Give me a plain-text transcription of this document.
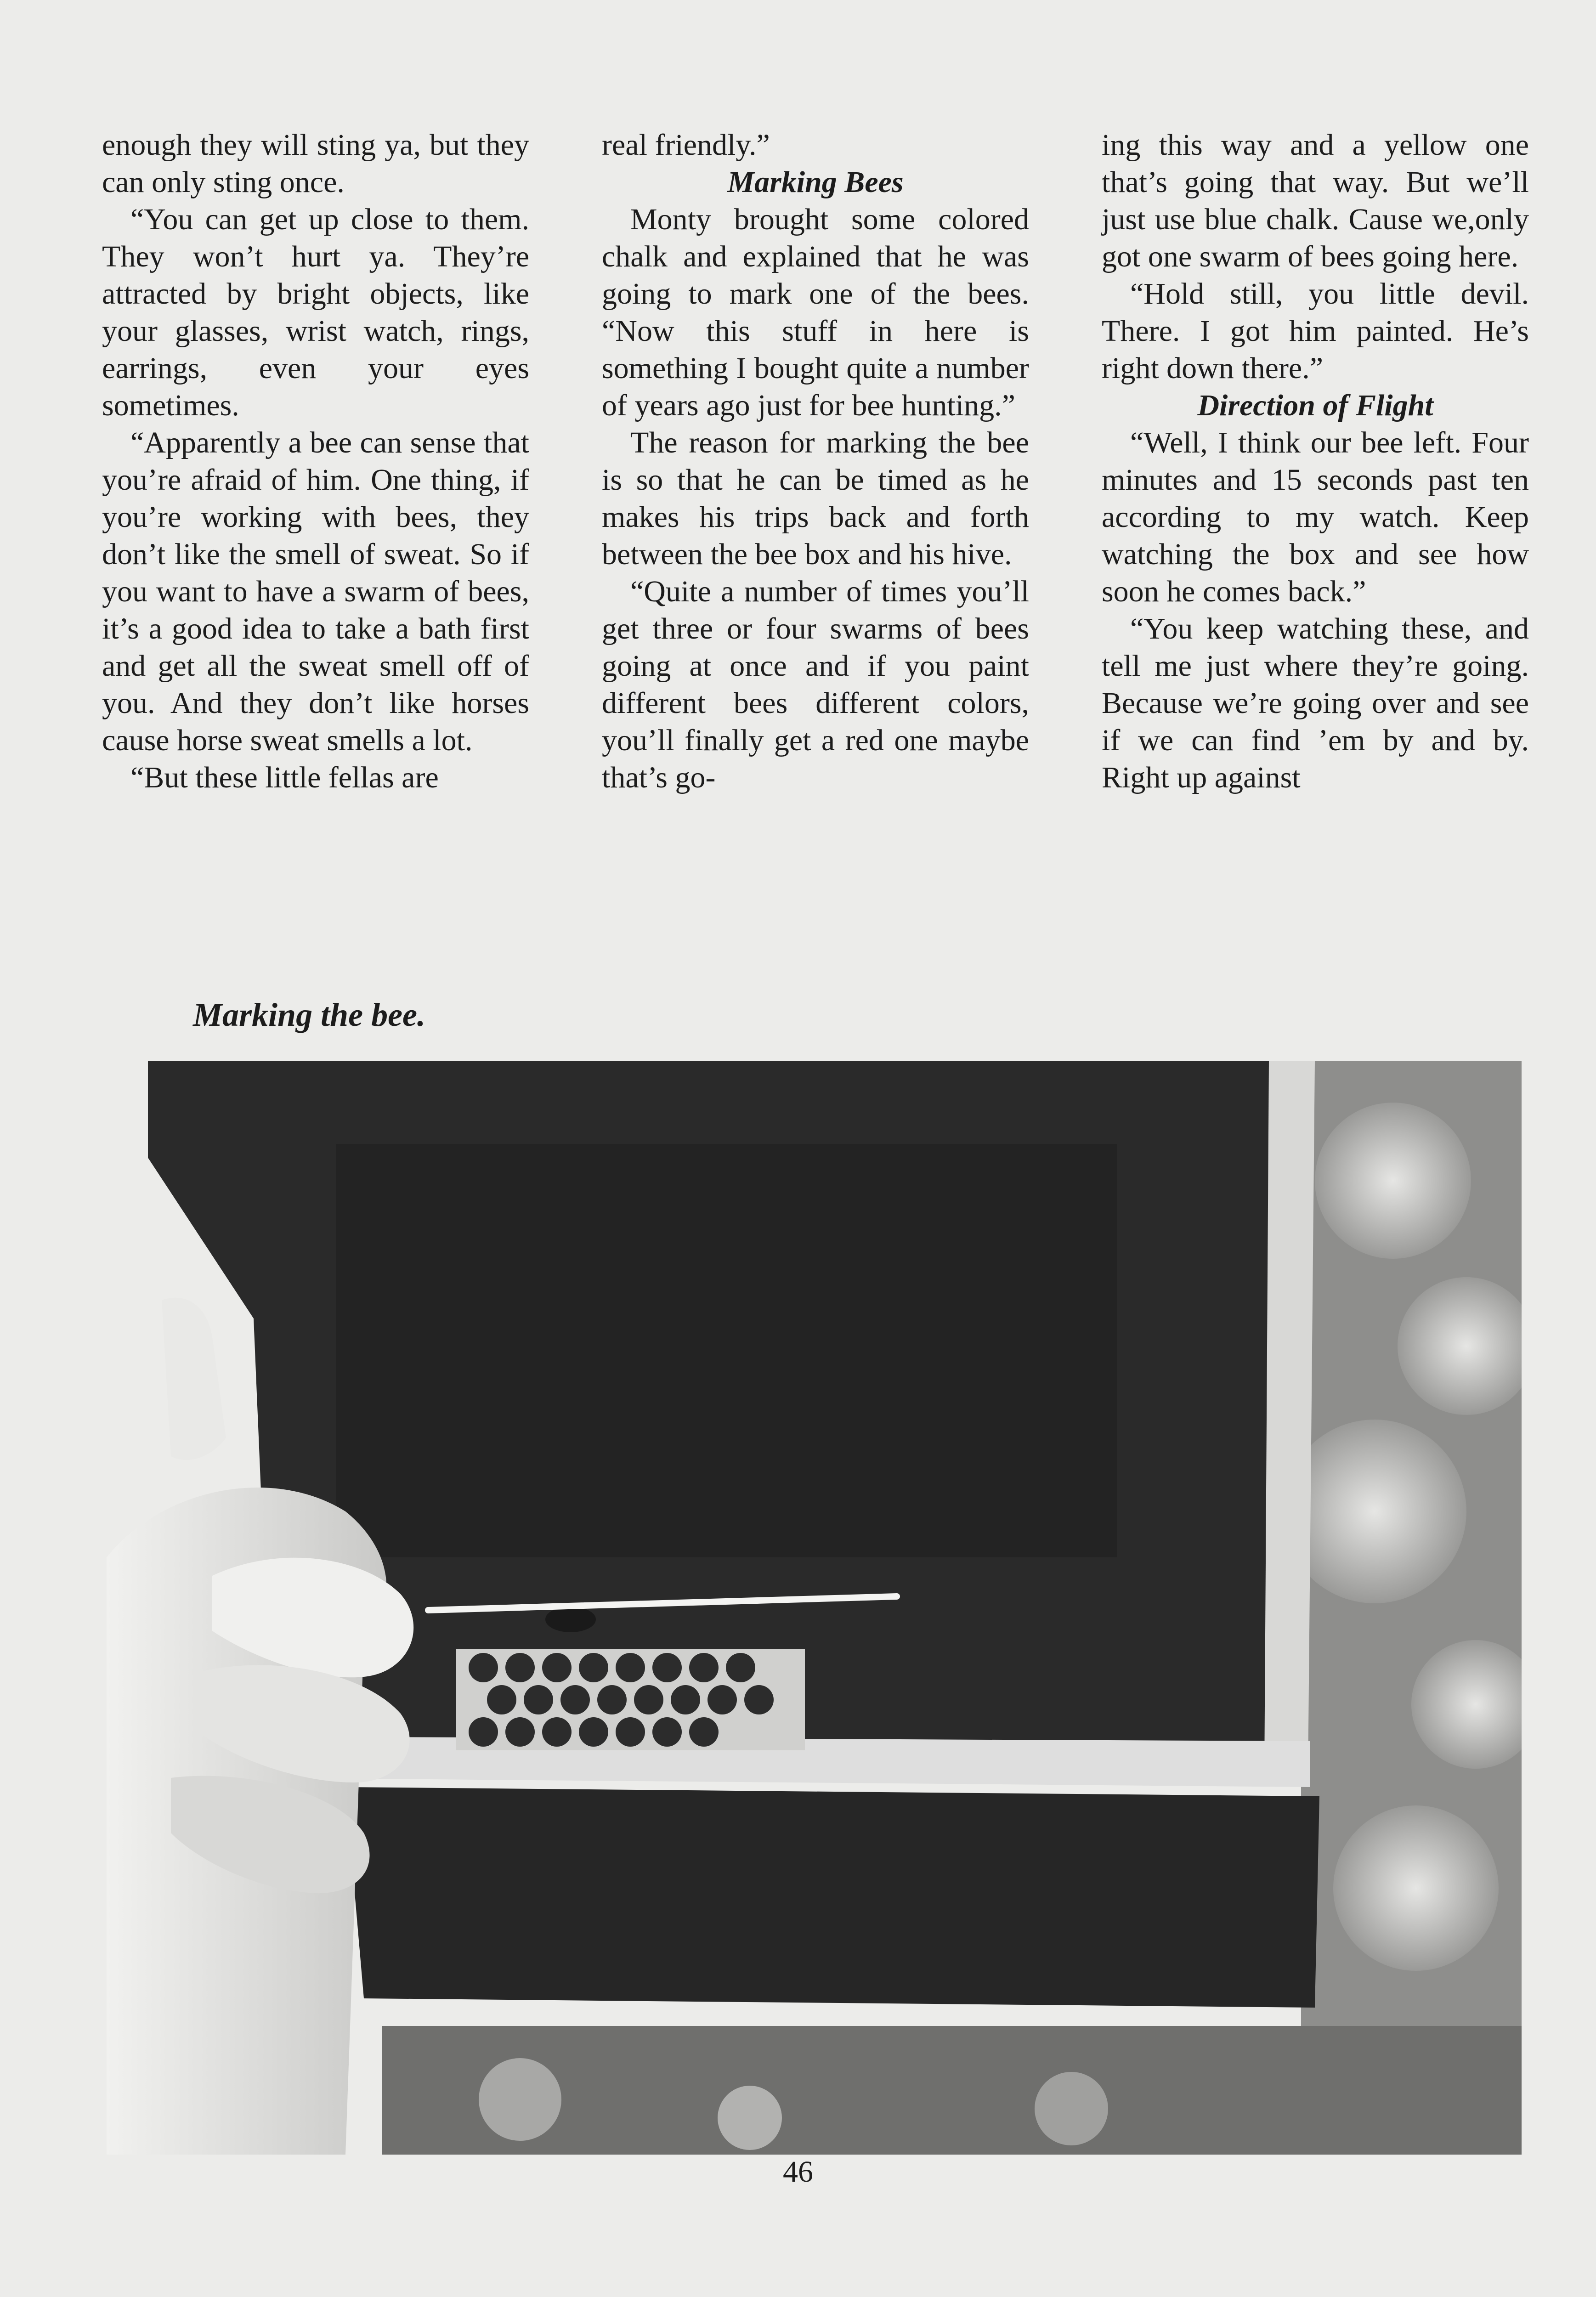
enough they will sting ya, but they can only sting once.

“You can get up close to them. They won’t hurt ya. They’re attracted by bright objects, like your glasses, wrist watch, rings, earrings, even your eyes sometimes.

“Apparently a bee can sense that you’re afraid of him. One thing, if you’re working with bees, they don’t like the smell of sweat. So if you want to have a swarm of bees, it’s a good idea to take a bath first and get all the sweat smell off of you. And they don’t like horses cause horse sweat smells a lot.

“But these little fellas are

real friendly.”

Marking Bees

Monty brought some colored chalk and explained that he was going to mark one of the bees. “Now this stuff in here is something I bought quite a number of years ago just for bee hunting.”

The reason for marking the bee is so that he can be timed as he makes his trips back and forth between the bee box and his hive.

“Quite a number of times you’ll get three or four swarms of bees going at once and if you paint different bees different colors, you’ll finally get a red one maybe that’s go-

ing this way and a yellow one that’s going that way. But we’ll just use blue chalk. Cause we,only got one swarm of bees going here.

“Hold still, you little devil. There. I got him painted. He’s right down there.”

Direction of Flight

“Well, I think our bee left. Four minutes and 15 seconds past ten according to my watch. Keep watching the box and see how soon he comes back.”

“You keep watching these, and tell me just where they’re going. Because we’re going over and see if we can find ’em by and by. Right up against

Marking the bee.
46
